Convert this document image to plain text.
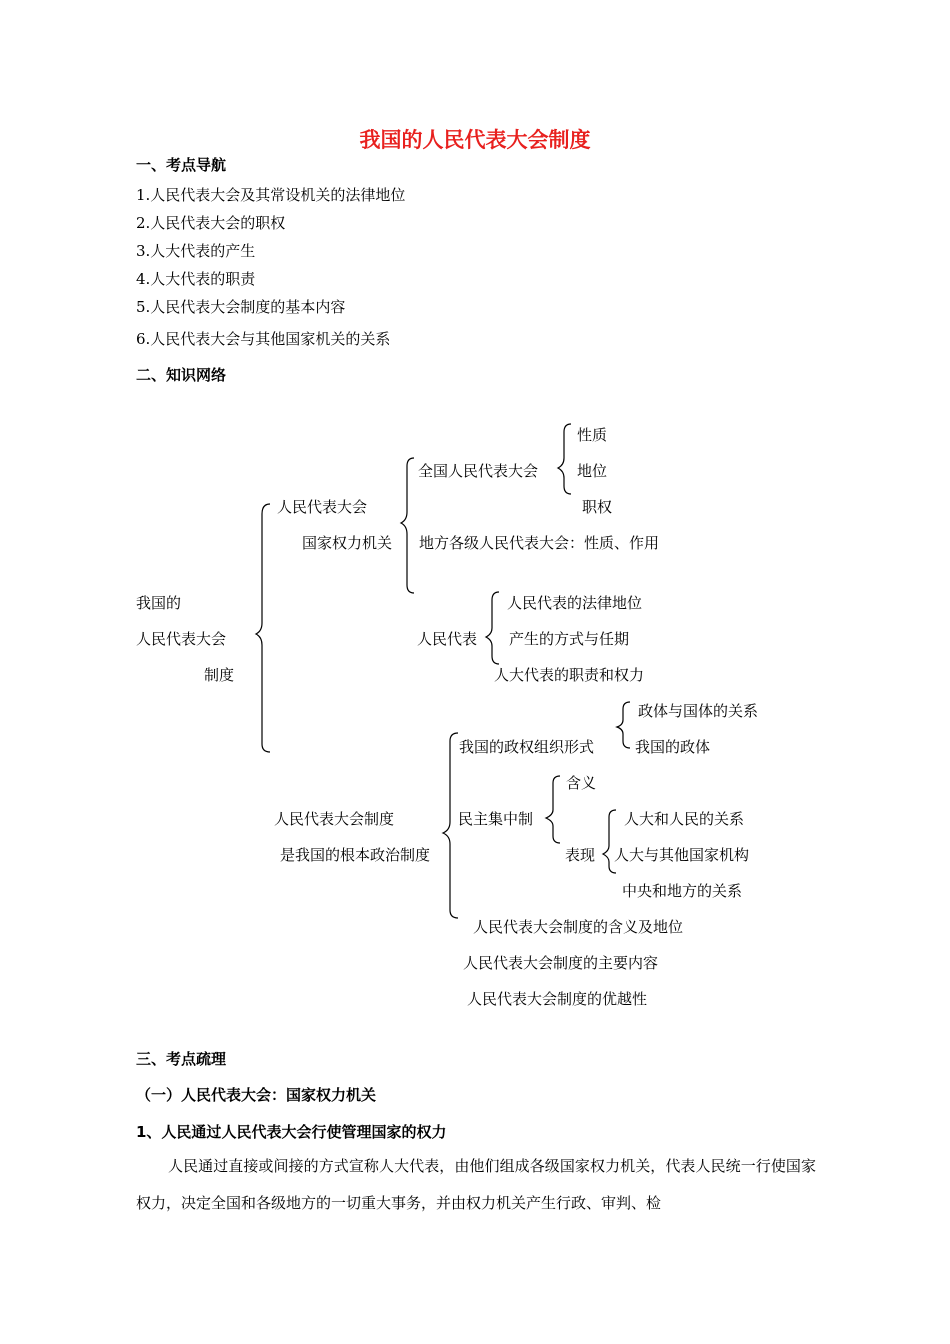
我国的人民代表大会制度
一、考点导航
1.人民代表大会及其常设机关的法律地位
2.人民代表大会的职权
3.人大代表的产生
4.人大代表的职责
5.人民代表大会制度的基本内容
6.人民代表大会与其他国家机关的关系
二、知识网络
我国的
人民代表大会
制度
人民代表大会
国家权力机关
全国人民代表大会
性质
地位
职权
地方各级人民代表大会：性质、作用
人民代表
人民代表的法律地位
产生的方式与任期
人大代表的职责和权力
人民代表大会制度
是我国的根本政治制度
我国的政权组织形式
政体与国体的关系
我国的政体
民主集中制
含义
表现
人大和人民的关系
人大与其他国家机构
中央和地方的关系
人民代表大会制度的含义及地位
人民代表大会制度的主要内容
人民代表大会制度的优越性
三、考点疏理
（一）人民代表大会：国家权力机关
1、人民通过人民代表大会行使管理国家的权力
人民通过直接或间接的方式宣称人大代表，由他们组成各级国家权力机关，代表人民统一行使国家权力，决定全国和各级地方的一切重大事务，并由权力机关产生行政、审判、检
